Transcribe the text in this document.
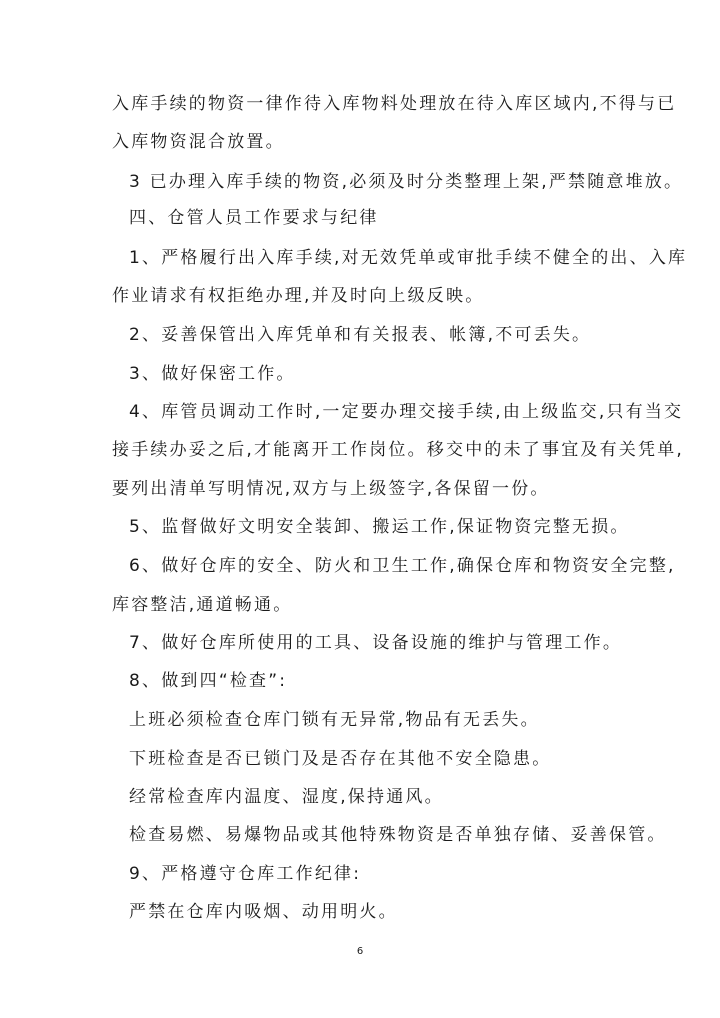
入库手续的物资一律作待入库物料处理放在待入库区域内,不得与已
入库物资混合放置。
3 已办理入库手续的物资,必须及时分类整理上架,严禁随意堆放。
四、仓管人员工作要求与纪律
1、严格履行出入库手续,对无效凭单或审批手续不健全的出、入库
作业请求有权拒绝办理,并及时向上级反映。
2、妥善保管出入库凭单和有关报表、帐簿,不可丢失。
3、做好保密工作。
4、库管员调动工作时,一定要办理交接手续,由上级监交,只有当交
接手续办妥之后,才能离开工作岗位。移交中的未了事宜及有关凭单,
要列出清单写明情况,双方与上级签字,各保留一份。
5、监督做好文明安全装卸、搬运工作,保证物资完整无损。
6、做好仓库的安全、防火和卫生工作,确保仓库和物资安全完整,
库容整洁,通道畅通。
7、做好仓库所使用的工具、设备设施的维护与管理工作。
8、做到四“检查”:
上班必须检查仓库门锁有无异常,物品有无丢失。
下班检查是否已锁门及是否存在其他不安全隐患。
经常检查库内温度、湿度,保持通风。
检查易燃、易爆物品或其他特殊物资是否单独存储、妥善保管。
9、严格遵守仓库工作纪律:
严禁在仓库内吸烟、动用明火。
6
